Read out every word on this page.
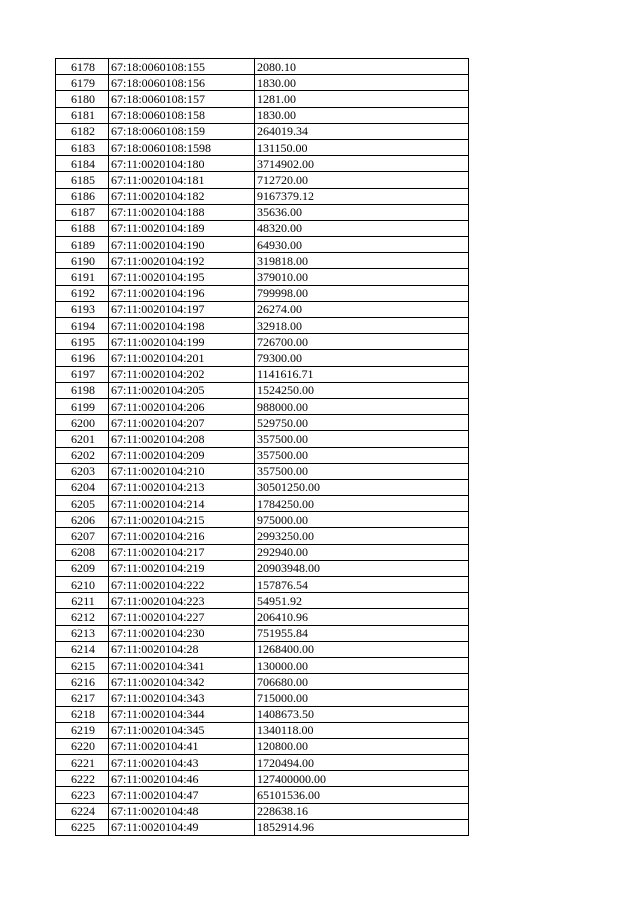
6178	67:18:0060108:155	2080.10
6179	67:18:0060108:156	1830.00
6180	67:18:0060108:157	1281.00
6181	67:18:0060108:158	1830.00
6182	67:18:0060108:159	264019.34
6183	67:18:0060108:1598	131150.00
6184	67:11:0020104:180	3714902.00
6185	67:11:0020104:181	712720.00
6186	67:11:0020104:182	9167379.12
6187	67:11:0020104:188	35636.00
6188	67:11:0020104:189	48320.00
6189	67:11:0020104:190	64930.00
6190	67:11:0020104:192	319818.00
6191	67:11:0020104:195	379010.00
6192	67:11:0020104:196	799998.00
6193	67:11:0020104:197	26274.00
6194	67:11:0020104:198	32918.00
6195	67:11:0020104:199	726700.00
6196	67:11:0020104:201	79300.00
6197	67:11:0020104:202	1141616.71
6198	67:11:0020104:205	1524250.00
6199	67:11:0020104:206	988000.00
6200	67:11:0020104:207	529750.00
6201	67:11:0020104:208	357500.00
6202	67:11:0020104:209	357500.00
6203	67:11:0020104:210	357500.00
6204	67:11:0020104:213	30501250.00
6205	67:11:0020104:214	1784250.00
6206	67:11:0020104:215	975000.00
6207	67:11:0020104:216	2993250.00
6208	67:11:0020104:217	292940.00
6209	67:11:0020104:219	20903948.00
6210	67:11:0020104:222	157876.54
6211	67:11:0020104:223	54951.92
6212	67:11:0020104:227	206410.96
6213	67:11:0020104:230	751955.84
6214	67:11:0020104:28	1268400.00
6215	67:11:0020104:341	130000.00
6216	67:11:0020104:342	706680.00
6217	67:11:0020104:343	715000.00
6218	67:11:0020104:344	1408673.50
6219	67:11:0020104:345	1340118.00
6220	67:11:0020104:41	120800.00
6221	67:11:0020104:43	1720494.00
6222	67:11:0020104:46	127400000.00
6223	67:11:0020104:47	65101536.00
6224	67:11:0020104:48	228638.16
6225	67:11:0020104:49	1852914.96
